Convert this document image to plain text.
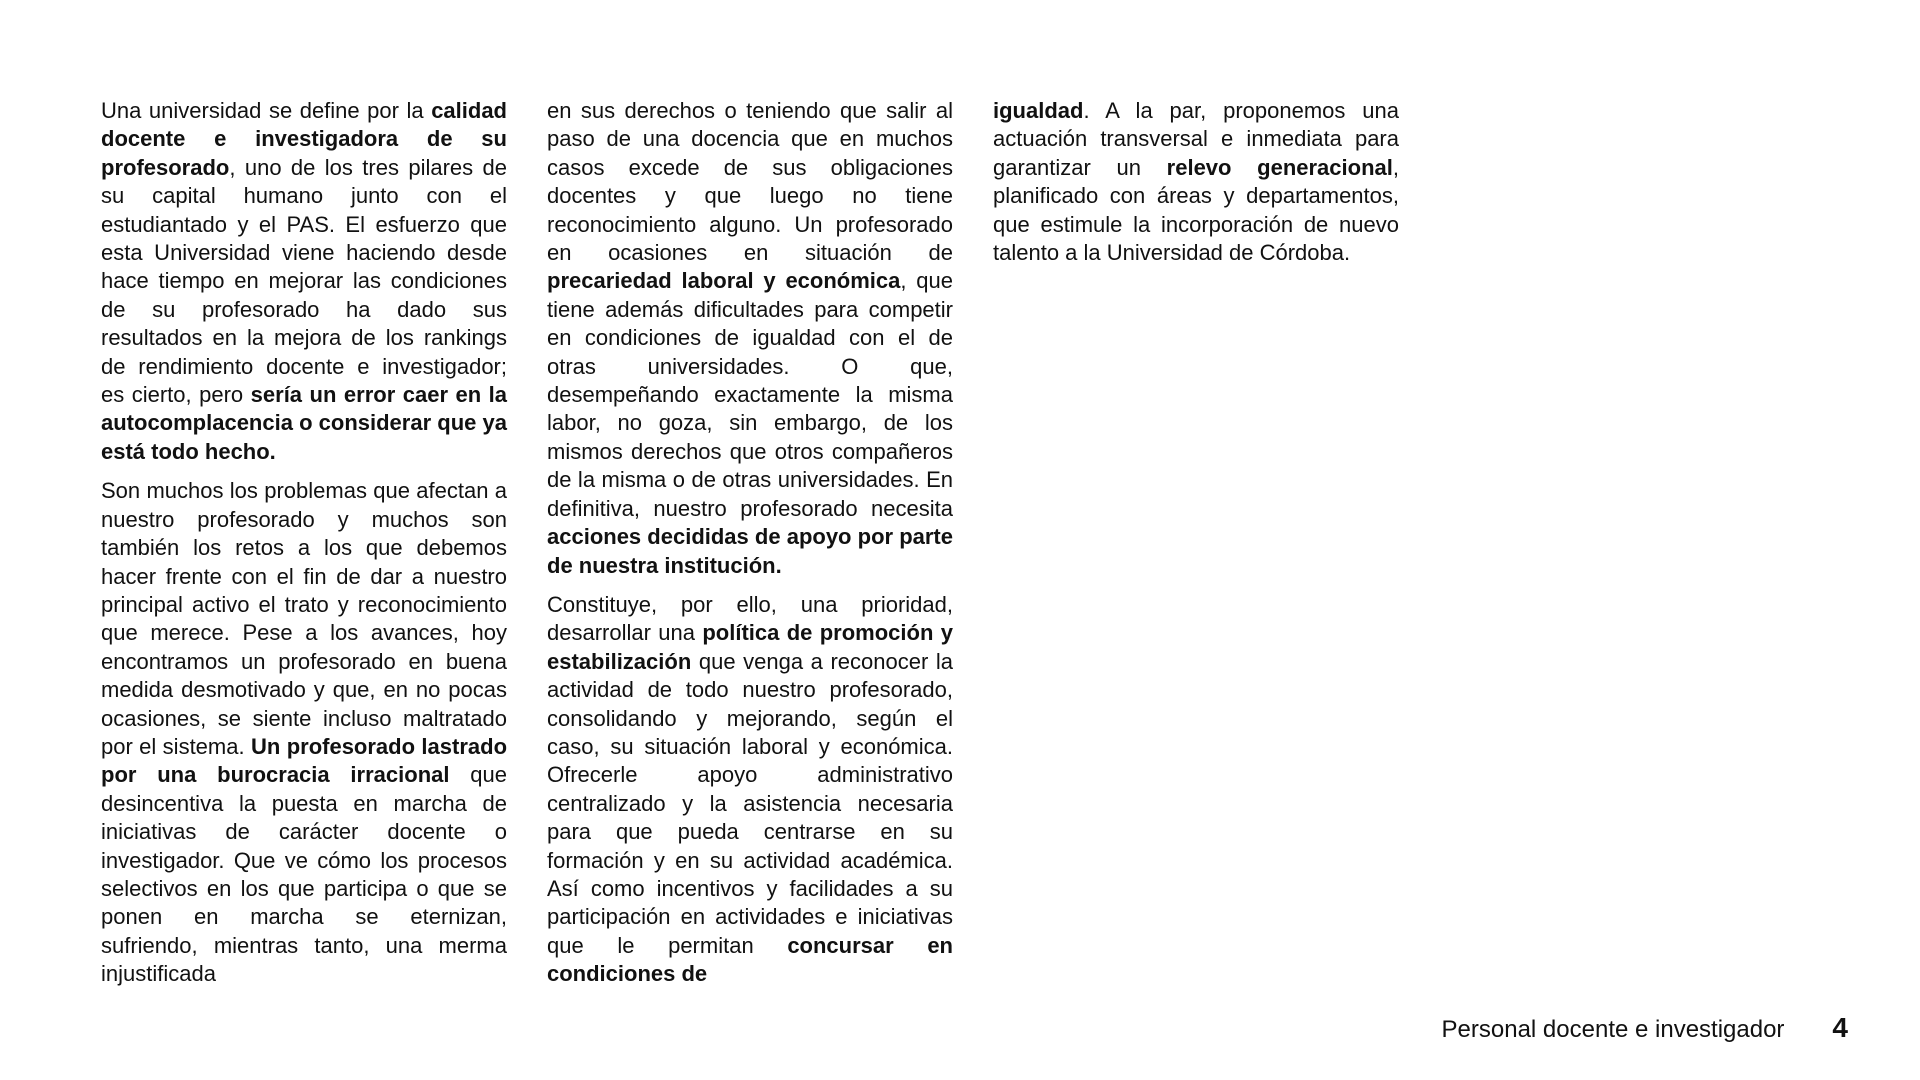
Una universidad se define por la calidad docente e investigadora de su profesorado, uno de los tres pilares de su capital humano junto con el estudiantado y el PAS. El esfuerzo que esta Universidad viene haciendo desde hace tiempo en mejorar las condiciones de su profesorado ha dado sus resultados en la mejora de los rankings de rendimiento docente e investigador; es cierto, pero sería un error caer en la autocomplacencia o considerar que ya está todo hecho.

Son muchos los problemas que afectan a nuestro profesorado y muchos son también los retos a los que debemos hacer frente con el fin de dar a nuestro principal activo el trato y reconocimiento que merece. Pese a los avances, hoy encontramos un profesorado en buena medida desmotivado y que, en no pocas ocasiones, se siente incluso maltratado por el sistema. Un profesorado lastrado por una burocracia irracional que desincentiva la puesta en marcha de iniciativas de carácter docente o investigador. Que ve cómo los procesos selectivos en los que participa o que se ponen en marcha se eternizan, sufriendo, mientras tanto, una merma injustificada

en sus derechos o teniendo que salir al paso de una docencia que en muchos casos excede de sus obligaciones docentes y que luego no tiene reconocimiento alguno. Un profesorado en ocasiones en situación de precariedad laboral y económica, que tiene además dificultades para competir en condiciones de igualdad con el de otras universidades. O que, desempeñando exactamente la misma labor, no goza, sin embargo, de los mismos derechos que otros compañeros de la misma o de otras universidades. En definitiva, nuestro profesorado necesita acciones decididas de apoyo por parte de nuestra institución.

Constituye, por ello, una prioridad, desarrollar una política de promoción y estabilización que venga a reconocer la actividad de todo nuestro profesorado, consolidando y mejorando, según el caso, su situación laboral y económica. Ofrecerle apoyo administrativo centralizado y la asistencia necesaria para que pueda centrarse en su formación y en su actividad académica. Así como incentivos y facilidades a su participación en actividades e iniciativas que le permitan concursar en condiciones de

igualdad. A la par, proponemos una actuación transversal e inmediata para garantizar un relevo generacional, planificado con áreas y departamentos, que estimule la incorporación de nuevo talento a la Universidad de Córdoba.

Personal docente e investigador 4
